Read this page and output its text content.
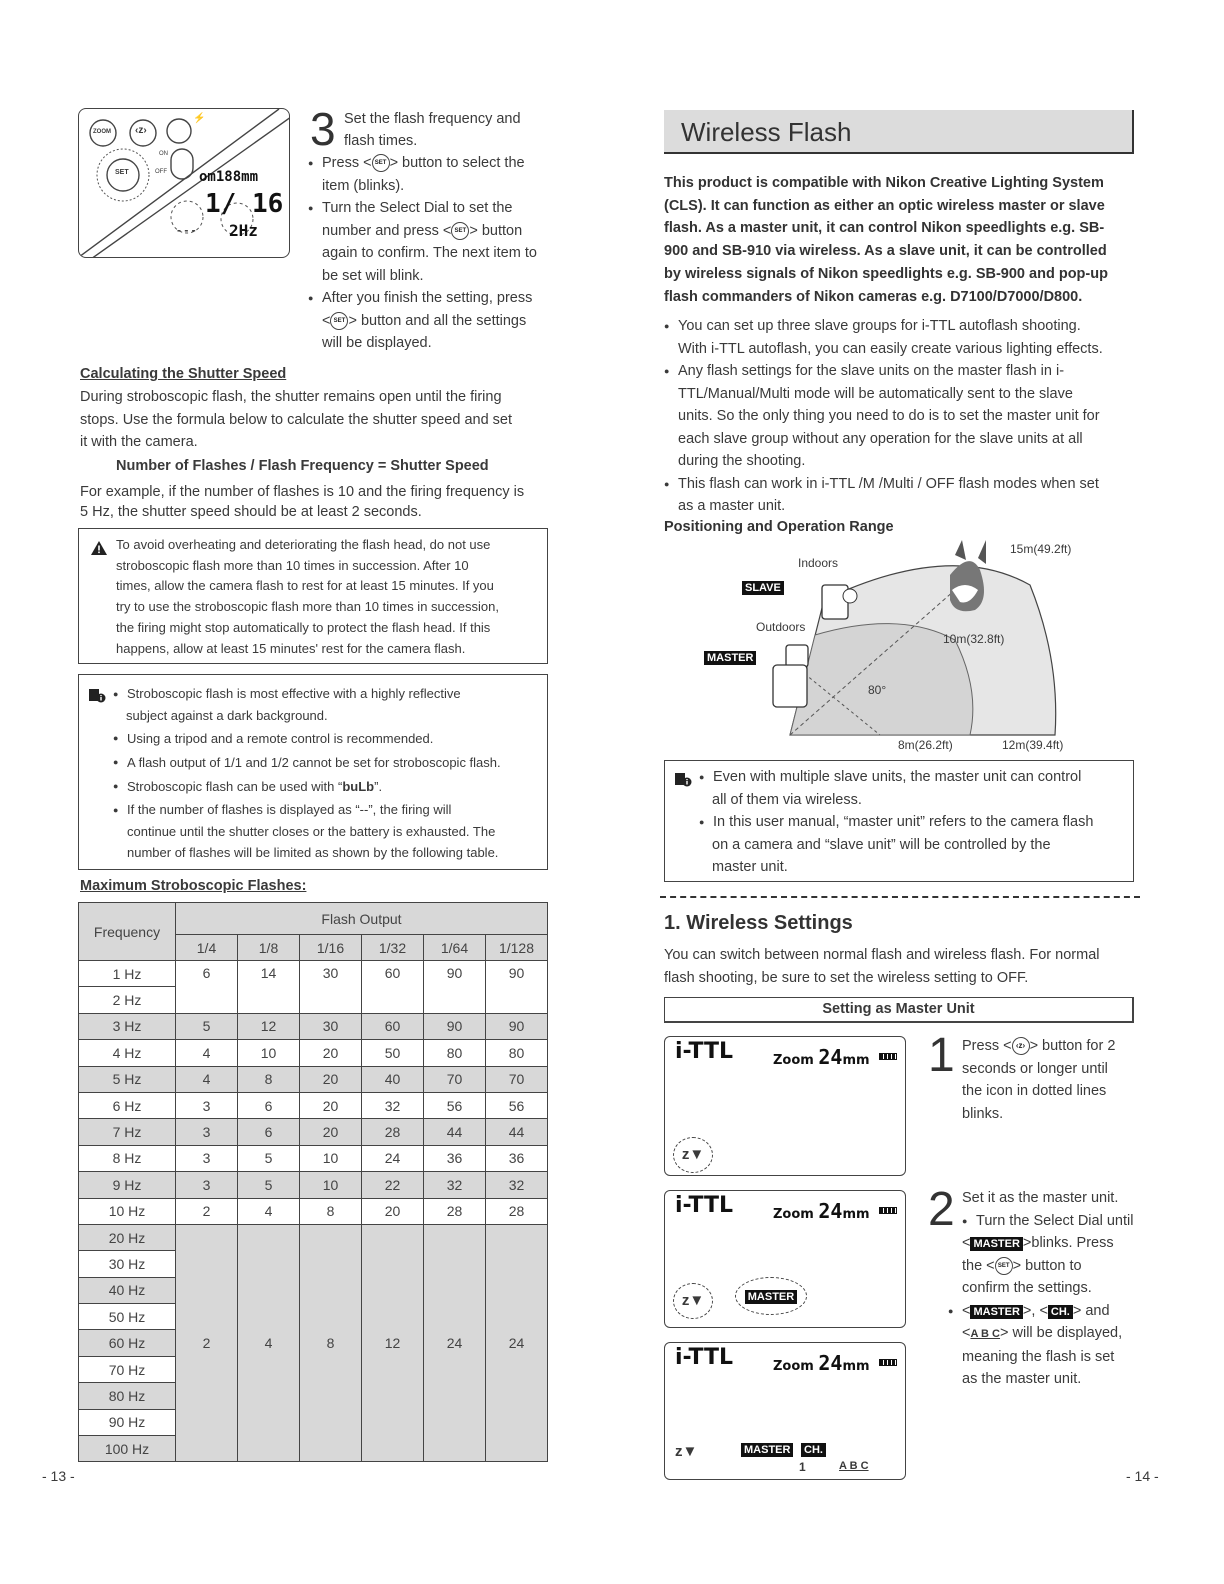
ZOOM ‹z›
⚡
SET
ON
OFF om188mm
1/ 16
- - - 2Hz
3 Set the flash frequency and
flash times.
● Press < SET > button to select the
item (blinks).
● Turn the Select Dial to set the
number and press < SET > button
again to confirm. The next item to
be set will blink.
● After you finish the setting, press
< SET > button and all the settings
will be displayed.
Calculating the Shutter Speed
During stroboscopic flash, the shutter remains open until the firing
stops. Use the formula below to calculate the shutter speed and set
it with the camera.
Number of Flashes / Flash Frequency = Shutter Speed
For example, if the number of flashes is 10 and the firing frequency is
5 Hz, the shutter speed should be at least 2 seconds.
To avoid overheating and deteriorating the flash head, do not use
stroboscopic flash more than 10 times in succession. After 10
times, allow the camera flash to rest for at least 15 minutes. If you
try to use the stroboscopic flash more than 10 times in succession,
the firing might stop automatically to protect the flash head. If this
happens, allow at least 15 minutes' rest for the camera flash.
● Stroboscopic flash is most effective with a highly reflective
subject against a dark background.
● Using a tripod and a remote control is recommended.
● A flash output of 1/1 and 1/2 cannot be set for stroboscopic flash.
● Stroboscopic flash can be used with “buLb”.
● If the number of flashes is displayed as “--”, the firing will
continue until the shutter closes or the battery is exhausted. The
number of flashes will be limited as shown by the following table.
Maximum Stroboscopic Flashes:
Frequency	Flash Output					
	1/4	1/8	1/16	1/32	1/64	1/128
1 Hz	6	14	30	60	90	90
2 Hz						
3 Hz	5	12	30	60	90	90
4 Hz	4	10	20	50	80	80
5 Hz	4	8	20	40	70	70
6 Hz	3	6	20	32	56	56
7 Hz	3	6	20	28	44	44
8 Hz	3	5	10	24	36	36
9 Hz	3	5	10	22	32	32
10 Hz	2	4	8	20	28	28
20 Hz	2	4	8	12	24	24
30 Hz						
40 Hz						
50 Hz						
60 Hz						
70 Hz						
80 Hz						
90 Hz						
100 Hz						
- 13 -
Wireless Flash
This product is compatible with Nikon Creative Lighting System
(CLS). It can function as either an optic wireless master or slave
flash. As a master unit, it can control Nikon speedlights e.g. SB-
900 and SB-910 via wireless. As a slave unit, it can be controlled
by wireless signals of Nikon speedlights e.g. SB-900 and pop-up
flash commanders of Nikon cameras e.g. D7100/D7000/D800.
● You can set up three slave groups for i-TTL autoflash shooting.
With i-TTL autoflash, you can easily create various lighting effects.
● Any flash settings for the slave units on the master flash in i-
TTL/Manual/Multi mode will be automatically sent to the slave
units. So the only thing you need to do is to set the master unit for
each slave group without any operation for the slave units at all
during the shooting.
● This flash can work in i-TTL /M /Multi / OFF flash modes when set
as a master unit.
Positioning and Operation Range
Indoors
SLAVE
Outdoors
MASTER
15m(49.2ft)
10m(32.8ft)
80°
8m(26.2ft)	12m(39.4ft)
● Even with multiple slave units, the master unit can control
all of them via wireless.
● In this user manual, “master unit” refers to the camera flash
on a camera and “slave unit” will be controlled by the
master unit.
1. Wireless Settings
You can switch between normal flash and wireless flash. For normal
flash shooting, be sure to set the wireless setting to OFF.
Setting as Master Unit
i-TTL	Zoom 24mm
z▼
1 Press < ‹z› > button for 2
seconds or longer until
the icon in dotted lines
blinks.
i-TTL	Zoom 24mm
z▼	MASTER
2 Set it as the master unit.
● Turn the Select Dial until
< MASTER >blinks. Press
the < SET > button to
confirm the settings.
● < MASTER >, < CH. > and
<A B C> will be displayed,
meaning the flash is set
as the master unit.
i-TTL	Zoom 24mm
z▼	MASTER CH.
1	A B C
- 14 -
